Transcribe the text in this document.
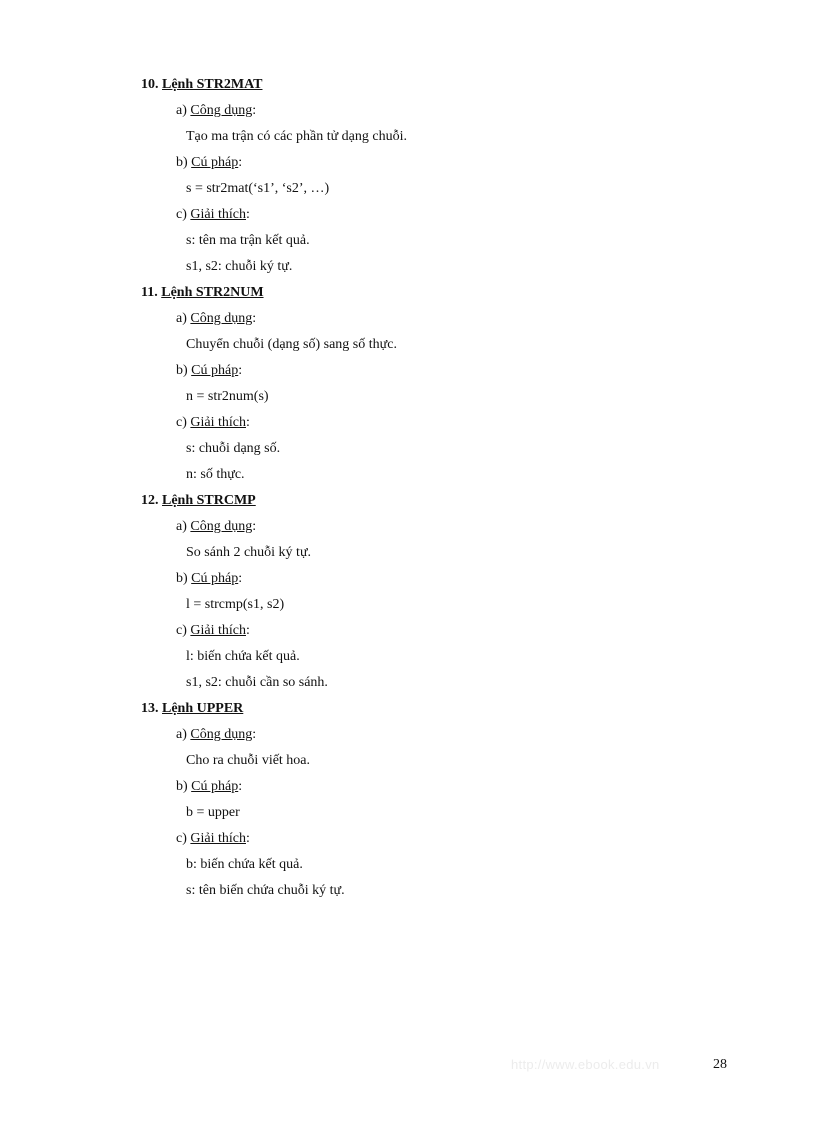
10. Lệnh STR2MAT
a) Công dụng:
Tạo ma trận có các phần tử dạng chuỗi.
b) Cú pháp:
s = str2mat(‘s1’, ‘s2’, …)
c) Giải thích:
s: tên ma trận kết quả.
s1, s2: chuỗi ký tự.
11. Lệnh STR2NUM
a) Công dụng:
Chuyển chuỗi (dạng số) sang số thực.
b) Cú pháp:
n = str2num(s)
c) Giải thích:
s: chuỗi dạng số.
n: số thực.
12. Lệnh STRCMP
a) Công dụng:
So sánh 2 chuỗi ký tự.
b) Cú pháp:
l = strcmp(s1, s2)
c) Giải thích:
l: biến chứa kết quả.
s1, s2: chuỗi cần so sánh.
13. Lệnh UPPER
a) Công dụng:
Cho ra chuỗi viết hoa.
b) Cú pháp:
b = upper
c) Giải thích:
b: biến chứa kết quả.
s: tên biến chứa chuỗi ký tự.
http://www.ebook.edu.vn	28
